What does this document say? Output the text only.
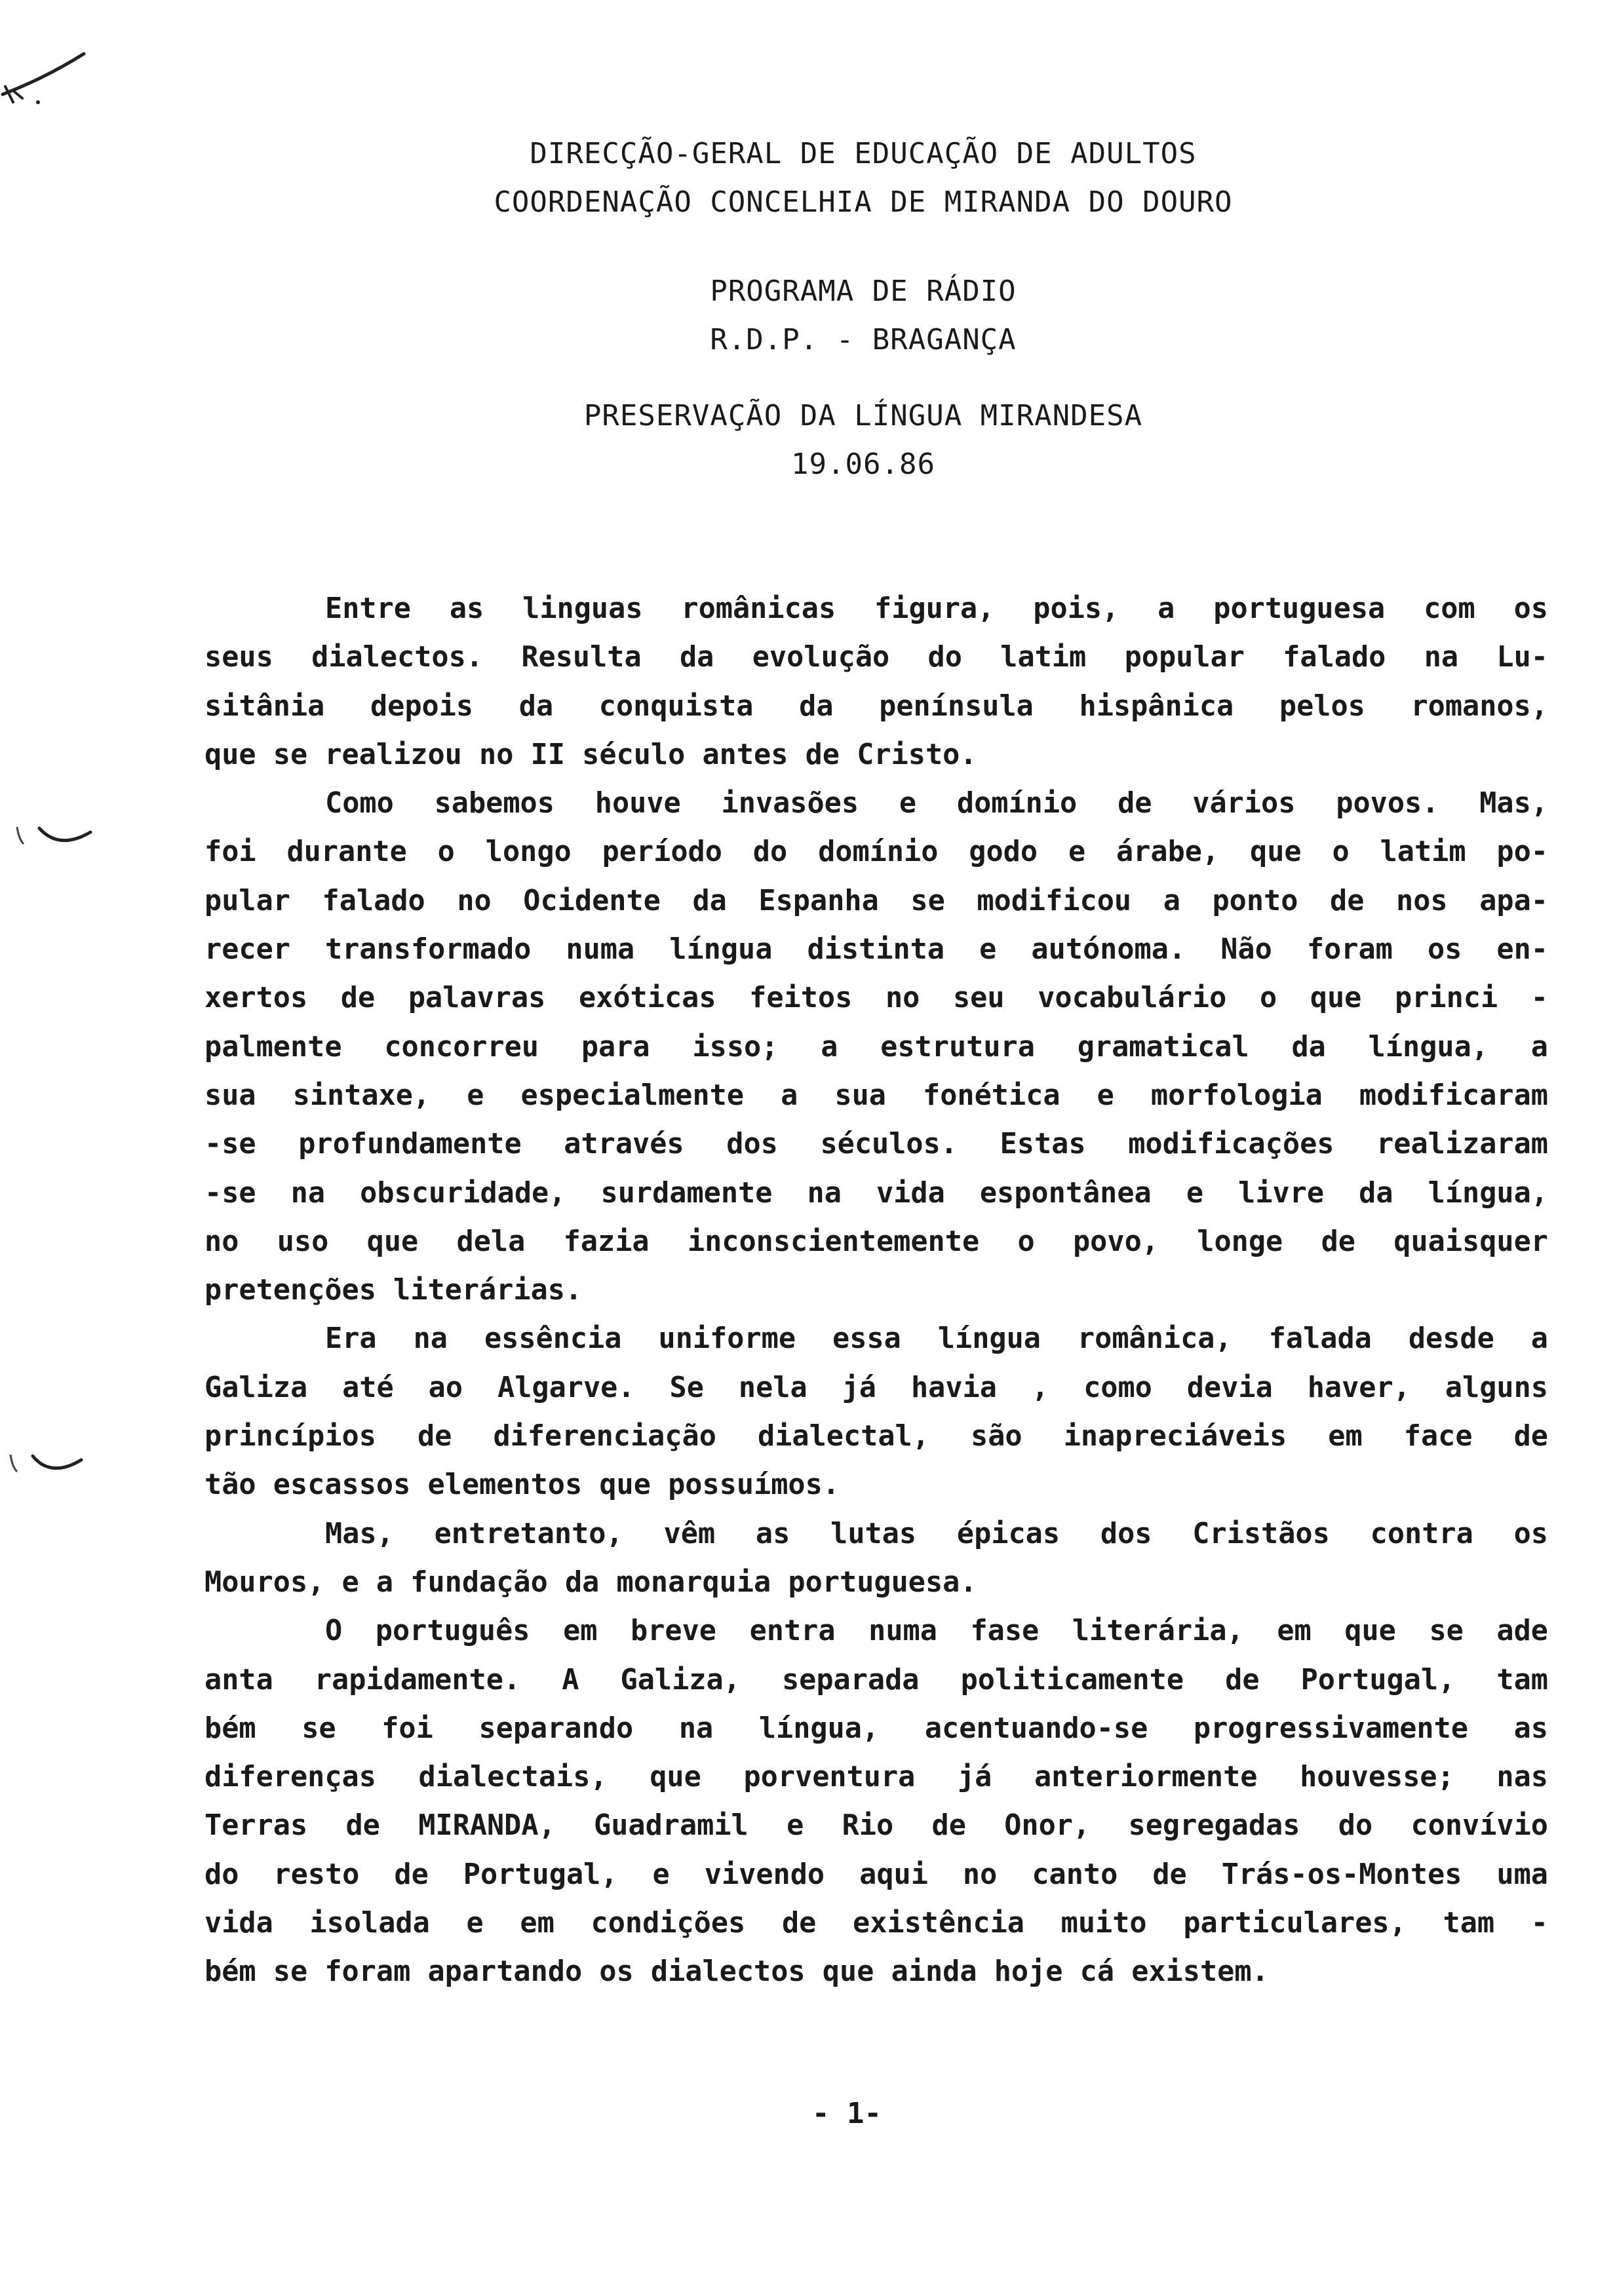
DIRECÇÃO-GERAL DE EDUCAÇÃO DE ADULTOS
COORDENAÇÃO CONCELHIA DE MIRANDA DO DOURO
PROGRAMA DE RÁDIO
R.D.P. - BRAGANÇA
PRESERVAÇÃO DA LÍNGUA MIRANDESA
19.06.86
Entre as linguas românicas figura, pois, a portuguesa com os
seus dialectos. Resulta da evolução do latim popular falado na Lu-
sitânia depois da conquista da península hispânica pelos romanos,
que se realizou no II século antes de Cristo.
Como sabemos houve invasões e domínio de vários povos. Mas,
foi durante o longo período do domínio godo e árabe, que o latim po-
pular falado no Ocidente da Espanha se modificou a ponto de nos apa-
recer transformado numa língua distinta e autónoma. Não foram os en-
xertos de palavras exóticas feitos no seu vocabulário o que princi -
palmente concorreu para isso; a estrutura gramatical da língua, a
sua sintaxe, e especialmente a sua fonética e morfologia modificaram
-se profundamente através dos séculos. Estas modificações realizaram
-se na obscuridade, surdamente na vida espontânea e livre da língua,
no uso que dela fazia inconscientemente o povo, longe de quaisquer
pretenções literárias.
Era na essência uniforme essa língua românica, falada desde a
Galiza até ao Algarve. Se nela já havia , como devia haver, alguns
princípios de diferenciação dialectal, são inapreciáveis em face de
tão escassos elementos que possuímos.
Mas, entretanto, vêm as lutas épicas dos Cristãos contra os
Mouros, e a fundação da monarquia portuguesa.
O português em breve entra numa fase literária, em que se ade
anta rapidamente. A Galiza, separada politicamente de Portugal, tam
bém se foi separando na língua, acentuando-se progressivamente as
diferenças dialectais, que porventura já anteriormente houvesse; nas
Terras de MIRANDA, Guadramil e Rio de Onor, segregadas do convívio
do resto de Portugal, e vivendo aqui no canto de Trás-os-Montes uma
vida isolada e em condições de existência muito particulares, tam -
bém se foram apartando os dialectos que ainda hoje cá existem.
- 1-
